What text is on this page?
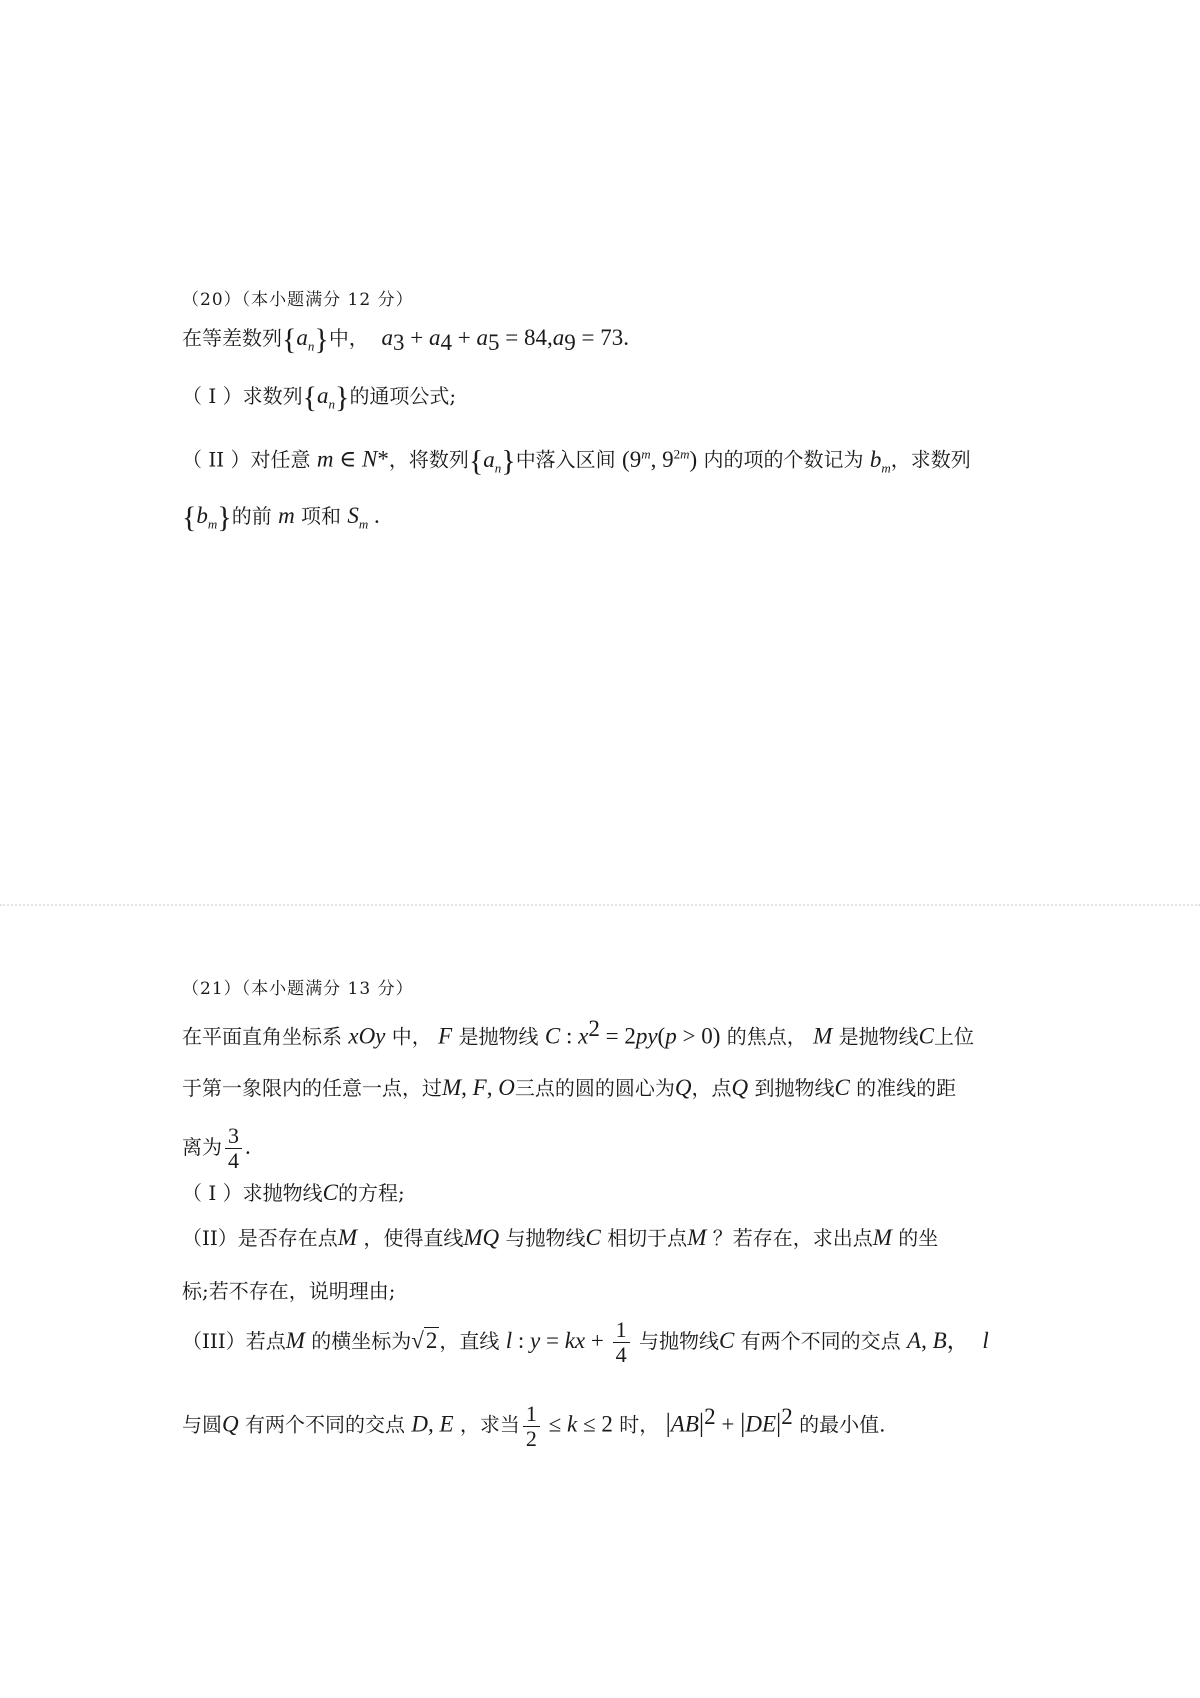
（20）（本小题满分 12 分）
在等差数列$\{a_n\}$中， $a_3 + a_4 + a_5 = 84,a_9 = 73$.
（ I ）求数列$\{a_n\}$的通项公式;
（ II ）对任意 m ∈ N*，将数列$\{a_n\}$中落入区间 (9$^m$, $9^{2m}$) 内的项的个数记为 $b_m$，求数列
$\{b_m\}$的前 m 项和 $S_m$ .
（21）（本小题满分 13 分）
在平面直角坐标系 xOy 中， F 是抛物线 C : $x^2 = 2py(p > 0)$ 的焦点， M 是抛物线C上位
于第一象限内的任意一点，过M, F, O三点的圆的圆心为Q，点Q 到抛物线C 的准线的距
离为 $\frac{3}{4}$ .
（ I ）求抛物线C的方程;
（II）是否存在点M ，使得直线MQ 与抛物线C 相切于点M ？若存在，求出点M 的坐
标;若不存在，说明理由;
（III）若点M 的横坐标为√2 ，直线 l : y = kx + $\frac{1}{4}$ 与抛物线C 有两个不同的交点 A, B， l
与圆Q 有两个不同的交点 D, E ，求当 $\frac{1}{2} \le k \le 2$ 时， $|AB|^2 + |DE|^2$ 的最小值.
